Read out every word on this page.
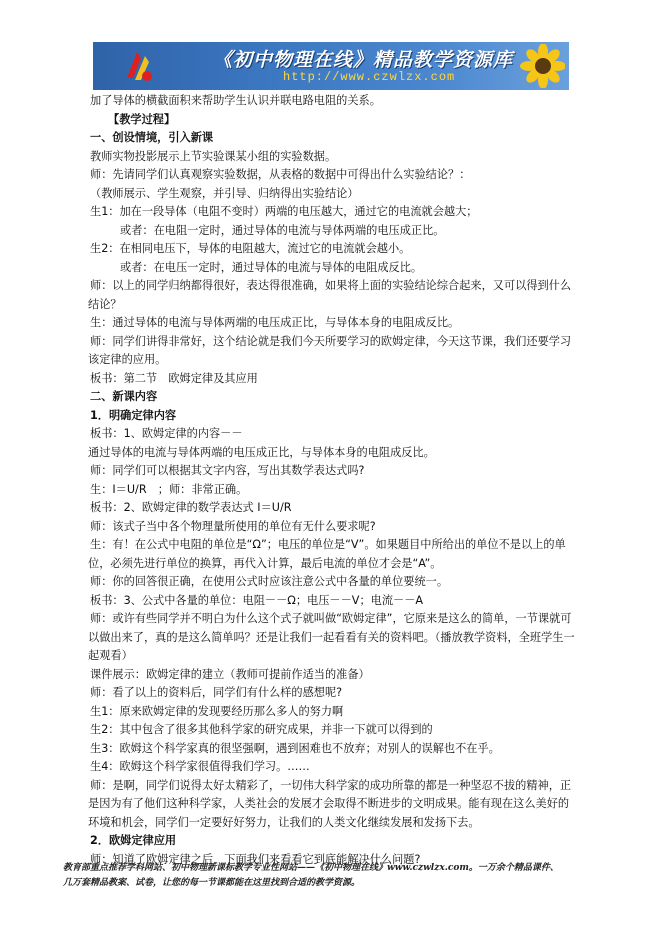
《初中物理在线》精品教学资源库
http://www.czwlzx.com
加了导体的横截面积来帮助学生认识并联电路电阻的关系。
【教学过程】
一、创设情境，引入新课
教师实物投影展示上节实验课某小组的实验数据。
师：先请同学们认真观察实验数据，从表格的数据中可得出什么实验结论？：
（教师展示、学生观察，并引导、归纳得出实验结论）
生1：加在一段导体（电阻不变时）两端的电压越大，通过它的电流就会越大；
或者：在电阻一定时，通过导体的电流与导体两端的电压成正比。
生2：在相同电压下，导体的电阻越大，流过它的电流就会越小。
或者：在电压一定时，通过导体的电流与导体的电阻成反比。
师：以上的同学归纳都得很好，表达得很准确，如果将上面的实验结论综合起来，又可以得到什么结论？
生：通过导体的电流与导体两端的电压成正比，与导体本身的电阻成反比。
师：同学们讲得非常好，这个结论就是我们今天所要学习的欧姆定律，今天这节课，我们还要学习该定律的应用。
板书：第二节　欧姆定律及其应用
二、新课内容
1．明确定律内容
板书：1、欧姆定律的内容－－
通过导体的电流与导体两端的电压成正比，与导体本身的电阻成反比。
师：同学们可以根据其文字内容，写出其数学表达式吗?
生：I＝U/R　；师：非常正确。
板书：2、欧姆定律的数学表达式 I＝U/R
师：该式子当中各个物理量所使用的单位有无什么要求呢?
生：有！在公式中电阻的单位是“Ω”；电压的单位是“V”。如果题目中所给出的单位不是以上的单位，必须先进行单位的换算，再代入计算，最后电流的单位才会是“A”。
师：你的回答很正确，在使用公式时应该注意公式中各量的单位要统一。
板书：3、公式中各量的单位：电阻－－Ω；电压－－V；电流－－A
师：或许有些同学并不明白为什么这个式子就叫做“欧姆定律”，它原来是这么的简单，一节课就可以做出来了，真的是这么简单吗？还是让我们一起看看有关的资料吧。（播放教学资料，全班学生一起观看）
课件展示：欧姆定律的建立（教师可提前作适当的准备）
师：看了以上的资料后，同学们有什么样的感想呢?
生1：原来欧姆定律的发现要经历那么多人的努力啊
生2：其中包含了很多其他科学家的研究成果，并非一下就可以得到的
生3：欧姆这个科学家真的很坚强啊，遇到困难也不放弃；对别人的误解也不在乎。
生4：欧姆这个科学家很值得我们学习。……
师：是啊，同学们说得太好太精彩了，一切伟大科学家的成功所靠的都是一种坚忍不拔的精神，正是因为有了他们这种科学家，人类社会的发展才会取得不断进步的文明成果。能有现在这么美好的环境和机会，同学们一定要好好努力，让我们的人类文化继续发展和发扬下去。
2．欧姆定律应用
师：知道了欧姆定律之后，下面我们来看看它到底能解决什么问题?
教育部重点推荐学科网站、初中物理新课标教学专业性网站——《初中物理在线》www.czwlzx.com。一万余个精品课件、
几万套精品教案、试卷，让您的每一节课都能在这里找到合适的教学资源。
